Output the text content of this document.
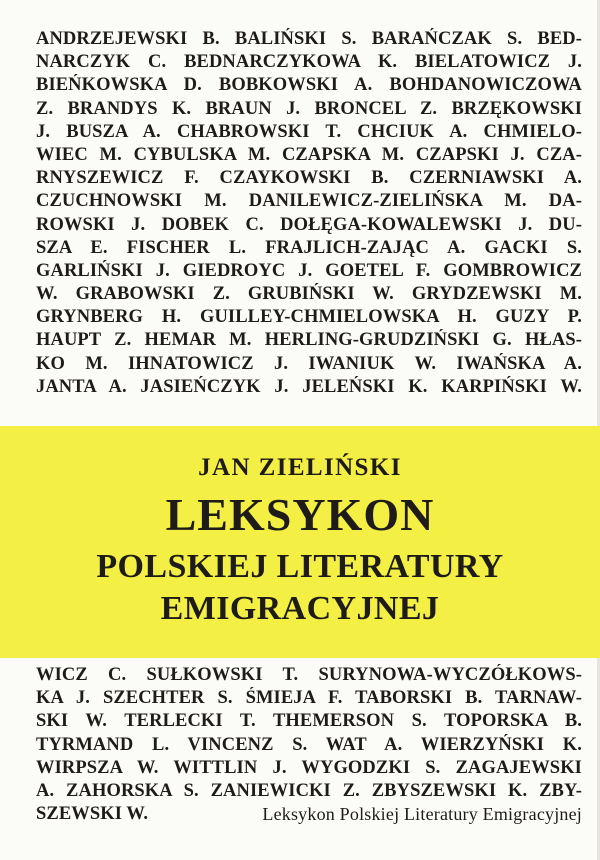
ANDRZEJEWSKI B. BALIŃSKI S. BARAŃCZAK S. BED-
NARCZYK C. BEDNARCZYKOWA K. BIELATOWICZ J.
BIEŃKOWSKA D. BOBKOWSKI A. BOHDANOWICZOWA
Z. BRANDYS K. BRAUN J. BRONCEL Z. BRZĘKOWSKI
J. BUSZA A. CHABROWSKI T. CHCIUK A. CHMIELO-
WIEC M. CYBULSKA M. CZAPSKA M. CZAPSKI J. CZA-
RNYSZEWICZ F. CZAYKOWSKI B. CZERNIAWSKI A.
CZUCHNOWSKI M. DANILEWICZ-ZIELIŃSKA M. DA-
ROWSKI J. DOBEK C. DOŁĘGA-KOWALEWSKI J. DU-
SZA E. FISCHER L. FRAJLICH-ZAJĄC A. GACKI S.
GARLIŃSKI J. GIEDROYC J. GOETEL F. GOMBROWICZ
W. GRABOWSKI Z. GRUBIŃSKI W. GRYDZEWSKI M.
GRYNBERG H. GUILLEY-CHMIELOWSKA H. GUZY P.
HAUPT Z. HEMAR M. HERLING-GRUDZIŃSKI G. HŁAS-
KO M. IHNATOWICZ J. IWANIUK W. IWAŃSKA A.
JANTA A. JASIEŃCZYK J. JELEŃSKI K. KARPIŃSKI W.
JAN ZIELIŃSKI
LEKSYKON
POLSKIEJ LITERATURY
EMIGRACYJNEJ
WICZ C. SUŁKOWSKI T. SURYNOWA-WYCZÓŁKOWS-
KA J. SZECHTER S. ŚMIEJA F. TABORSKI B. TARNAW-
SKI W. TERLECKI T. THEMERSON S. TOPORSKA B.
TYRMAND L. VINCENZ S. WAT A. WIERZYŃSKI K.
WIRPSZA W. WITTLIN J. WYGODZKI S. ZAGAJEWSKI
A. ZAHORSKA S. ZANIEWICKI Z. ZBYSZEWSKI K. ZBY-
SZEWSKI W.	Leksykon Polskiej Literatury Emigracyjnej
